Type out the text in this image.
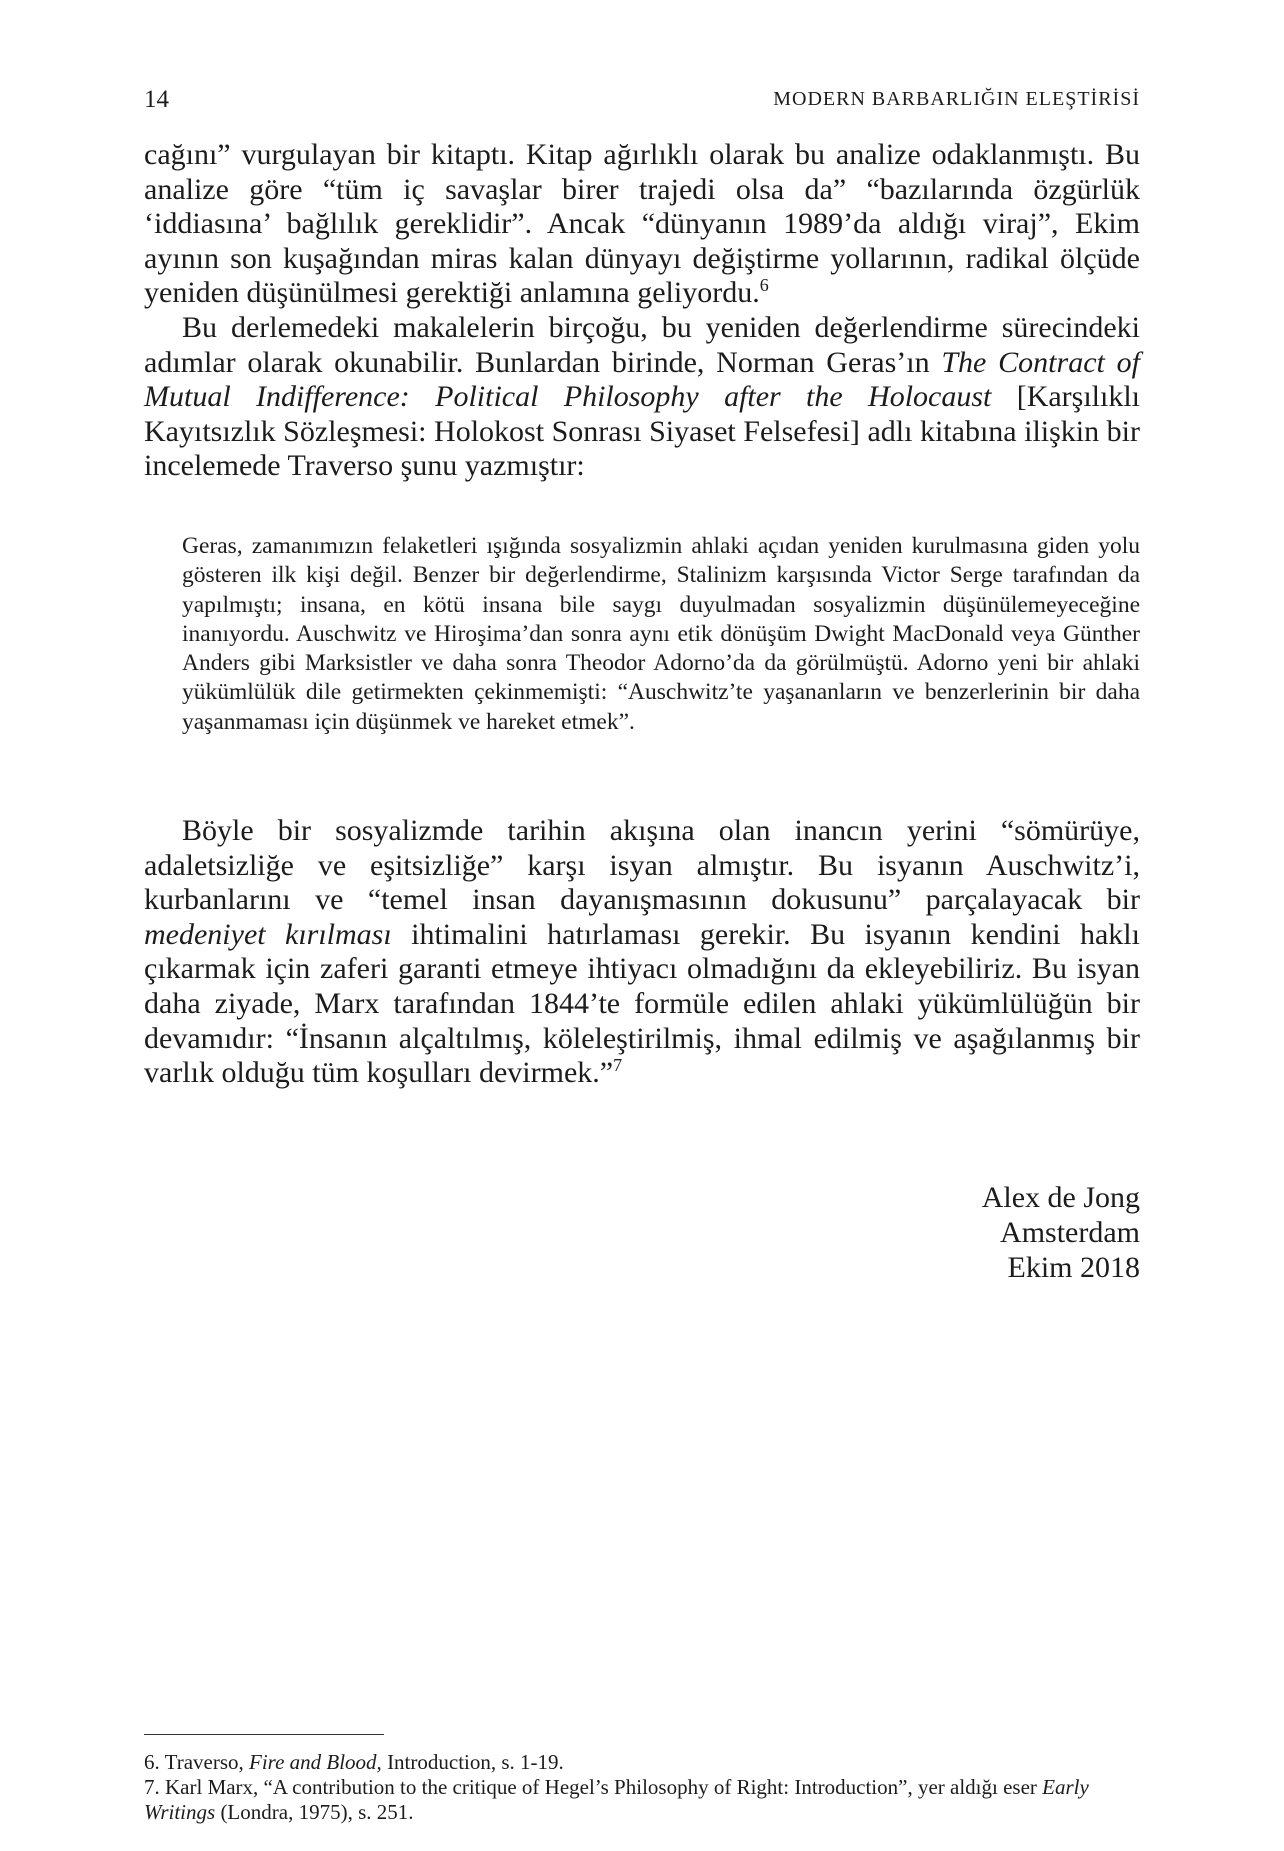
14	MODERN BARBARLIĞIN ELEŞTİRİSİ

cağını” vurgulayan bir kitaptı. Kitap ağırlıklı olarak bu analize odaklanmıştı. Bu analize göre “tüm iç savaşlar birer trajedi olsa da” “bazılarında özgürlük ‘iddiasına’ bağlılık gereklidir”. Ancak “dünyanın 1989’da aldığı viraj”, Ekim ayının son kuşağından miras kalan dünyayı değiştirme yollarının, radikal ölçüde yeniden düşünülmesi gerektiği anlamına geliyordu.$^6$

Bu derlemedeki makalelerin birçoğu, bu yeniden değerlendirme sürecindeki adımlar olarak okunabilir. Bunlardan birinde, Norman Geras’ın The Contract of Mutual Indifference: Political Philosophy after the Holocaust [Karşılıklı Kayıtsızlık Sözleşmesi: Holokost Sonrası Siyaset Felsefesi] adlı kitabına ilişkin bir incelemede Traverso şunu yazmıştır:

Geras, zamanımızın felaketleri ışığında sosyalizmin ahlaki açıdan yeniden kurulmasına giden yolu gösteren ilk kişi değil. Benzer bir değerlendirme, Stalinizm karşısında Victor Serge tarafından da yapılmıştı; insana, en kötü insana bile saygı duyulmadan sosyalizmin düşünülemeyeceğine inanıyordu. Auschwitz ve Hiroşima’dan sonra aynı etik dönüşüm Dwight MacDonald veya Günther Anders gibi Marksistler ve daha sonra Theodor Adorno’da da görülmüştü. Adorno yeni bir ahlaki yükümlülük dile getirmekten çekinmemişti: “Auschwitz’te yaşananların ve benzerlerinin bir daha yaşanmaması için düşünmek ve hareket etmek”.

Böyle bir sosyalizmde tarihin akışına olan inancın yerini “sömürüye, adaletsizliğe ve eşitsizliğe” karşı isyan almıştır. Bu isyanın Auschwitz’i, kurbanlarını ve “temel insan dayanışmasının dokusunu” parçalayacak bir medeniyet kırılması ihtimalini hatırlaması gerekir. Bu isyanın kendini haklı çıkarmak için zaferi garanti etmeye ihtiyacı olmadığını da ekleyebiliriz. Bu isyan daha ziyade, Marx tarafından 1844’te formüle edilen ahlaki yükümlülüğün bir devamıdır: “İnsanın alçaltılmış, köleleştirilmiş, ihmal edilmiş ve aşağılanmış bir varlık olduğu tüm koşulları devirmek.”$^7$

Alex de Jong
Amsterdam
Ekim 2018

6. Traverso, Fire and Blood, Introduction, s. 1-19.

7. Karl Marx, “A contribution to the critique of Hegel’s Philosophy of Right: Introduction”, yer aldığı eser Early Writings (Londra, 1975), s. 251.
